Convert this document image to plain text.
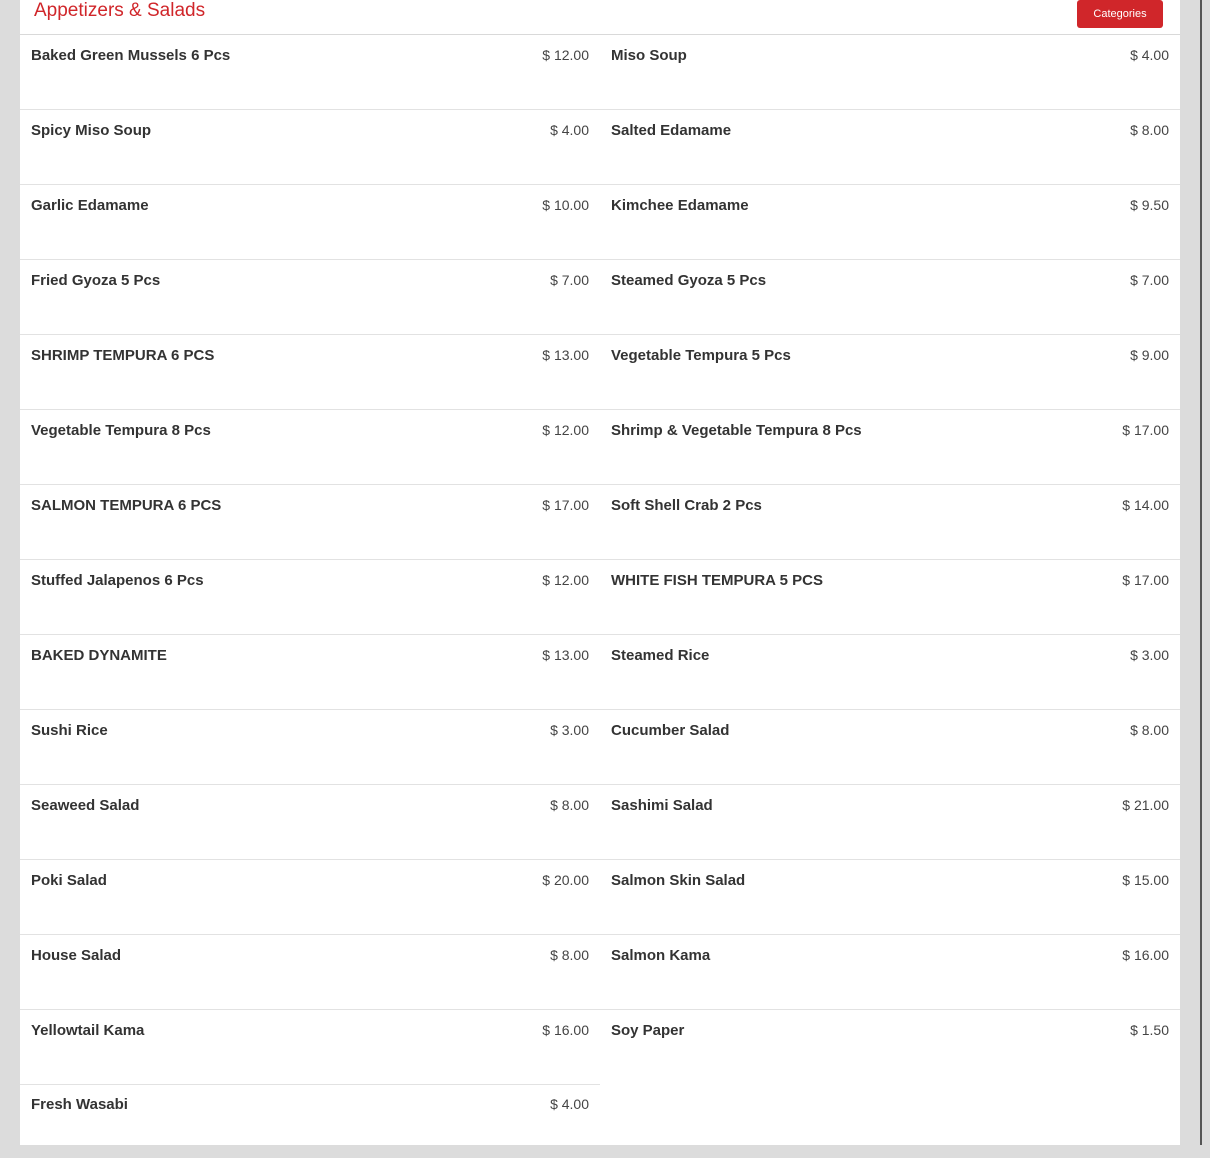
Appetizers & Salads	Categories
Baked Green Mussels 6 Pcs	$ 12.00 Miso Soup	$ 4.00
Spicy Miso Soup	$ 4.00 Salted Edamame	$ 8.00
Garlic Edamame	$ 10.00 Kimchee Edamame	$ 9.50
Fried Gyoza 5 Pcs	$ 7.00 Steamed Gyoza 5 Pcs	$ 7.00
SHRIMP TEMPURA 6 PCS	$ 13.00 Vegetable Tempura 5 Pcs	$ 9.00
Vegetable Tempura 8 Pcs	$ 12.00 Shrimp & Vegetable Tempura 8 Pcs	$ 17.00
SALMON TEMPURA 6 PCS	$ 17.00 Soft Shell Crab 2 Pcs	$ 14.00
Stuffed Jalapenos 6 Pcs	$ 12.00 WHITE FISH TEMPURA 5 PCS	$ 17.00
BAKED DYNAMITE	$ 13.00 Steamed Rice	$ 3.00
Sushi Rice	$ 3.00 Cucumber Salad	$ 8.00
Seaweed Salad	$ 8.00 Sashimi Salad	$ 21.00
Poki Salad	$ 20.00 Salmon Skin Salad	$ 15.00
House Salad	$ 8.00 Salmon Kama	$ 16.00
Yellowtail Kama	$ 16.00 Soy Paper	$ 1.50
Fresh Wasabi	$ 4.00
